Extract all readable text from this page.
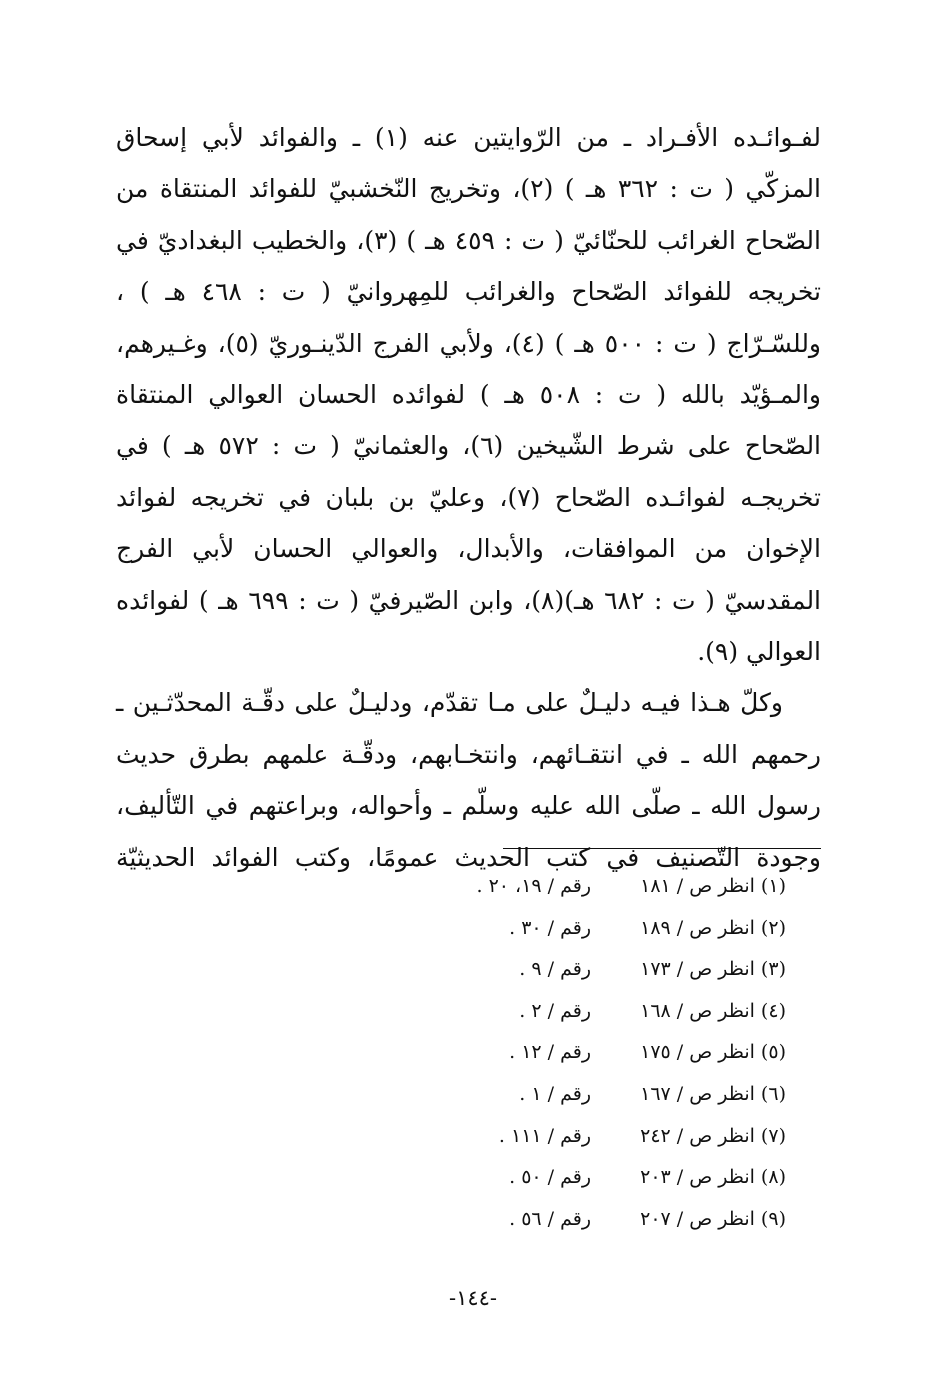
لفـوائـده الأفـراد ـ من الرّوايتين عنه (١) ـ والفوائد لأبي إسحاق المزكّي ( ت : ٣٦٢ هـ ) (٢)، وتخريج النّخشبيّ للفوائد المنتقاة من الصّحاح الغرائب للحنّائيّ ( ت : ٤٥٩ هـ ) (٣)، والخطيب البغداديّ في تخريجه للفوائد الصّحاح والغرائب للمِهروانيّ ( ت : ٤٦٨ هـ ) ، وللسّـرّاج ( ت : ٥٠٠ هـ ) (٤)، ولأبي الفرج الدّينـوريّ (٥)، وغـيرهم، والمـؤيّد بالله ( ت : ٥٠٨ هـ ) لفوائده الحسان العوالي المنتقاة الصّحاح على شرط الشّيخين (٦)، والعثمانيّ ( ت : ٥٧٢ هـ ) في تخريجـه لفوائـده الصّحاح (٧)، وعليّ بن بلبان في تخريجه لفوائد الإخوان من الموافقات، والأبدال، والعوالي الحسان لأبي الفرج المقدسيّ ( ت : ٦٨٢ هـ)(٨)، وابن الصّيرفيّ ( ت : ٦٩٩ هـ ) لفوائده العوالي (٩).

وكلّ هـذا فيـه دليـلٌ على مـا تقدّم، ودليـلٌ على دقّـة المحدّثـين ـ رحمهم الله ـ في انتقـائهم، وانتخـابهم، ودقّـة علمهم بطرق حديث رسول الله ـ صلّى الله عليه وسلّم ـ وأحواله، وبراعتهم في التّأليف، وجودة التّصنيف في كتب الحديث عمومًا، وكتب الفوائد الحديثيّة

(١) انظر ص / ١٨١
رقم / ١٩، ٢٠ .
(٢) انظر ص / ١٨٩
رقم / ٣٠ .
(٣) انظر ص / ١٧٣
رقم / ٩ .
(٤) انظر ص / ١٦٨
رقم / ٢ .
(٥) انظر ص / ١٧٥
رقم / ١٢ .
(٦) انظر ص / ١٦٧
رقم / ١ .
(٧) انظر ص / ٢٤٢
رقم / ١١١ .
(٨) انظر ص / ٢٠٣
رقم / ٥٠ .
(٩) انظر ص / ٢٠٧
رقم / ٥٦ .
-١٤٤-
